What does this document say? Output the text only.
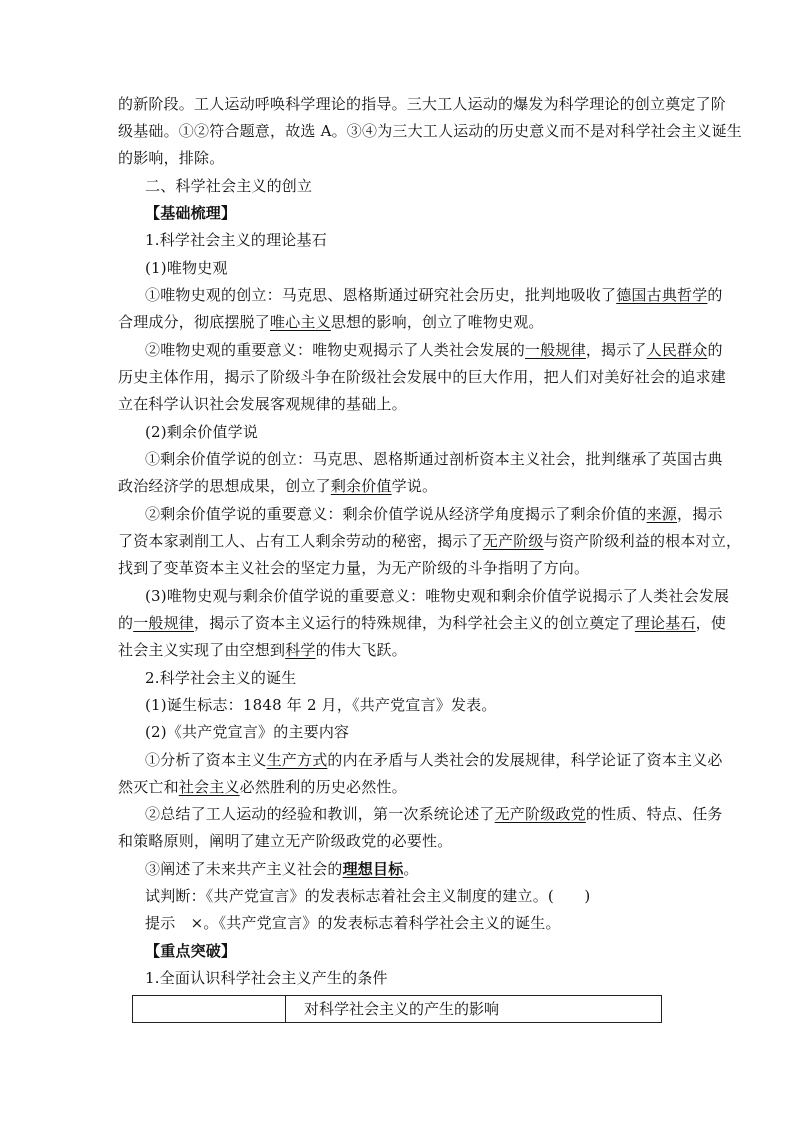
的新阶段。工人运动呼唤科学理论的指导。三大工人运动的爆发为科学理论的创立奠定了阶
级基础。①②符合题意，故选 A。③④为三大工人运动的历史意义而不是对科学社会主义诞生
的影响，排除。
二、科学社会主义的创立
【基础梳理】
1.科学社会主义的理论基石
(1)唯物史观
①唯物史观的创立：马克思、恩格斯通过研究社会历史，批判地吸收了德国古典哲学的
合理成分，彻底摆脱了唯心主义思想的影响，创立了唯物史观。
②唯物史观的重要意义：唯物史观揭示了人类社会发展的一般规律，揭示了人民群众的
历史主体作用，揭示了阶级斗争在阶级社会发展中的巨大作用，把人们对美好社会的追求建
立在科学认识社会发展客观规律的基础上。
(2)剩余价值学说
①剩余价值学说的创立：马克思、恩格斯通过剖析资本主义社会，批判继承了英国古典
政治经济学的思想成果，创立了剩余价值学说。
②剩余价值学说的重要意义：剩余价值学说从经济学角度揭示了剩余价值的来源，揭示
了资本家剥削工人、占有工人剩余劳动的秘密，揭示了无产阶级与资产阶级利益的根本对立，
找到了变革资本主义社会的坚定力量，为无产阶级的斗争指明了方向。
(3)唯物史观与剩余价值学说的重要意义：唯物史观和剩余价值学说揭示了人类社会发展
的一般规律，揭示了资本主义运行的特殊规律，为科学社会主义的创立奠定了理论基石，使
社会主义实现了由空想到科学的伟大飞跃。
2.科学社会主义的诞生
(1)诞生标志：1848 年 2 月，《共产党宣言》发表。
(2)《共产党宣言》的主要内容
①分析了资本主义生产方式的内在矛盾与人类社会的发展规律，科学论证了资本主义必
然灭亡和社会主义必然胜利的历史必然性。
②总结了工人运动的经验和教训，第一次系统论述了无产阶级政党的性质、特点、任务
和策略原则，阐明了建立无产阶级政党的必要性。
③阐述了未来共产主义社会的理想目标。
试判断：《共产党宣言》的发表标志着社会主义制度的建立。(　　)
提示　×。《共产党宣言》的发表标志着科学社会主义的诞生。
【重点突破】
1.全面认识科学社会主义产生的条件
	对科学社会主义的产生的影响
